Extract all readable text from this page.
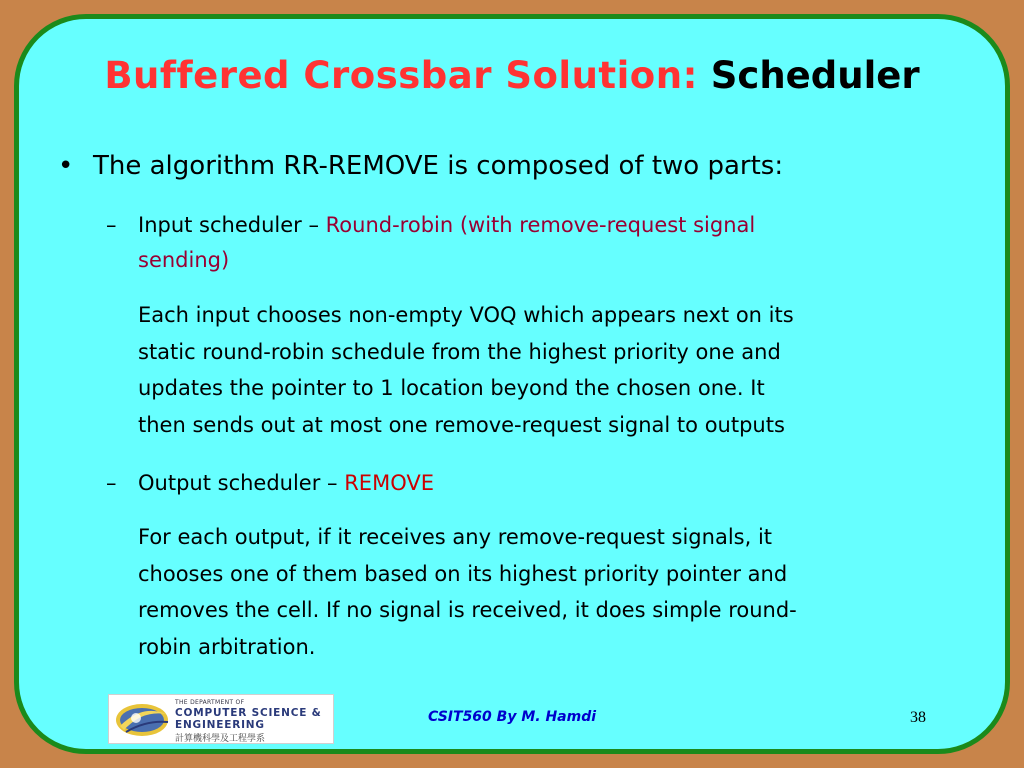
Buffered Crossbar Solution: Scheduler
• The algorithm RR-REMOVE is composed of two parts:
– Input scheduler – Round-robin (with remove-request signal
sending)
Each input chooses non-empty VOQ which appears next on its
static round-robin schedule from the highest priority one and
updates the pointer to 1 location beyond the chosen one. It
then sends out at most one remove-request signal to outputs
– Output scheduler – REMOVE
For each output, if it receives any remove-request signals, it
chooses one of them based on its highest priority pointer and
removes the cell. If no signal is received, it does simple round-
robin arbitration.
THE DEPARTMENT OF
COMPUTER SCIENCE &
ENGINEERING
計算機科學及工程學系
CSIT560 By M. Hamdi	38
